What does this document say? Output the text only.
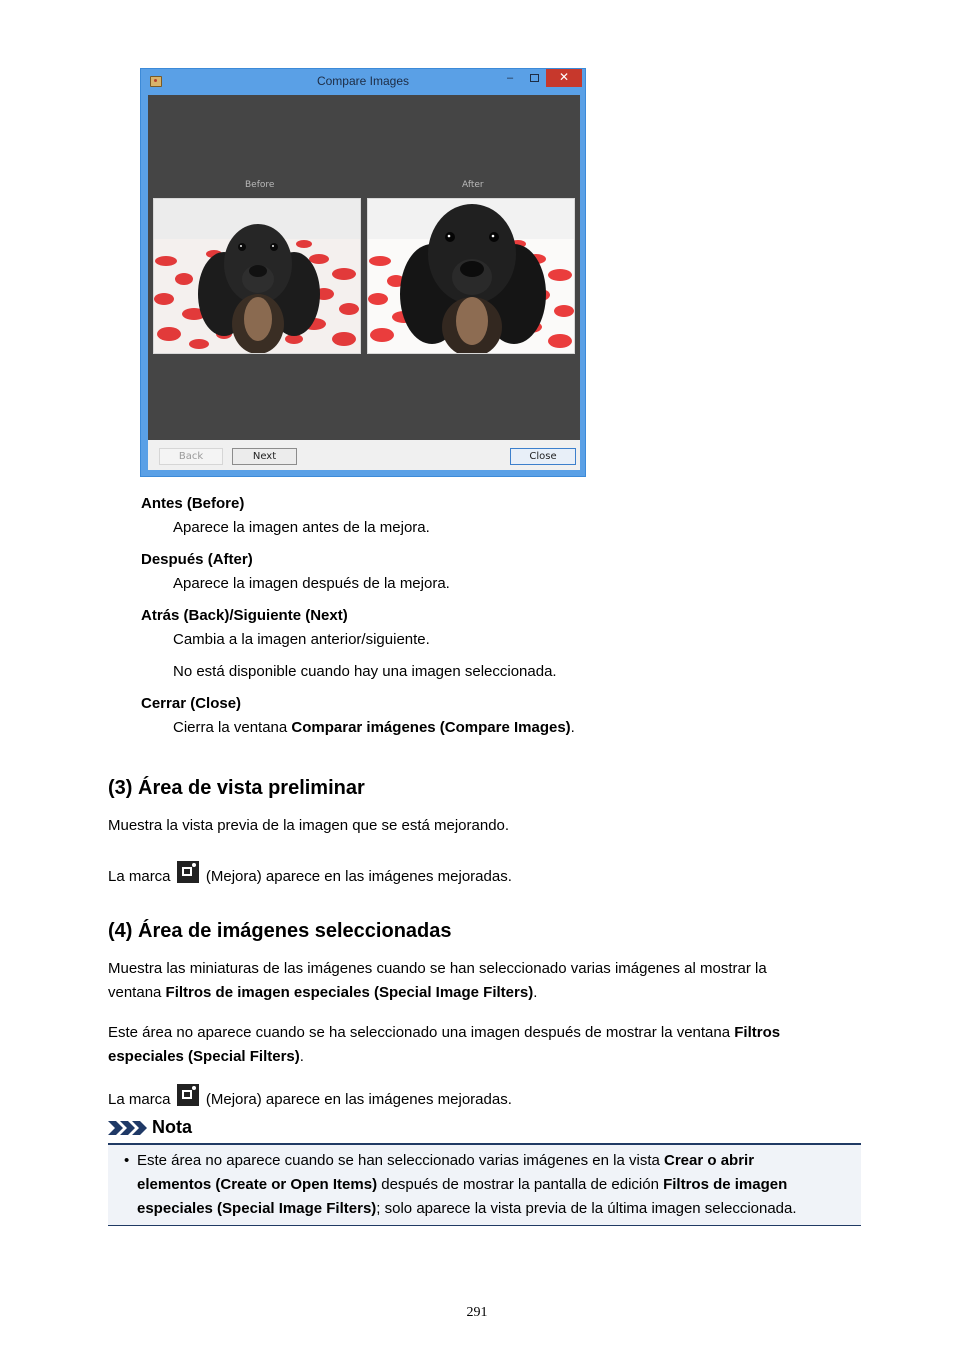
Compare Images	–	✕
Before	After
Back	Next	Close
Antes (Before)
Aparece la imagen antes de la mejora.
Después (After)
Aparece la imagen después de la mejora.
Atrás (Back)/Siguiente (Next)
Cambia a la imagen anterior/siguiente.
No está disponible cuando hay una imagen seleccionada.
Cerrar (Close)
Cierra la ventana Comparar imágenes (Compare Images).
(3) Área de vista preliminar
Muestra la vista previa de la imagen que se está mejorando.
La marca (Mejora) aparece en las imágenes mejoradas.
(4) Área de imágenes seleccionadas
Muestra las miniaturas de las imágenes cuando se han seleccionado varias imágenes al mostrar la
ventana Filtros de imagen especiales (Special Image Filters).
Este área no aparece cuando se ha seleccionado una imagen después de mostrar la ventana Filtros
especiales (Special Filters).
La marca (Mejora) aparece en las imágenes mejoradas.
Nota
• Este área no aparece cuando se han seleccionado varias imágenes en la vista Crear o abrir
elementos (Create or Open Items) después de mostrar la pantalla de edición Filtros de imagen
especiales (Special Image Filters); solo aparece la vista previa de la última imagen seleccionada.
291
